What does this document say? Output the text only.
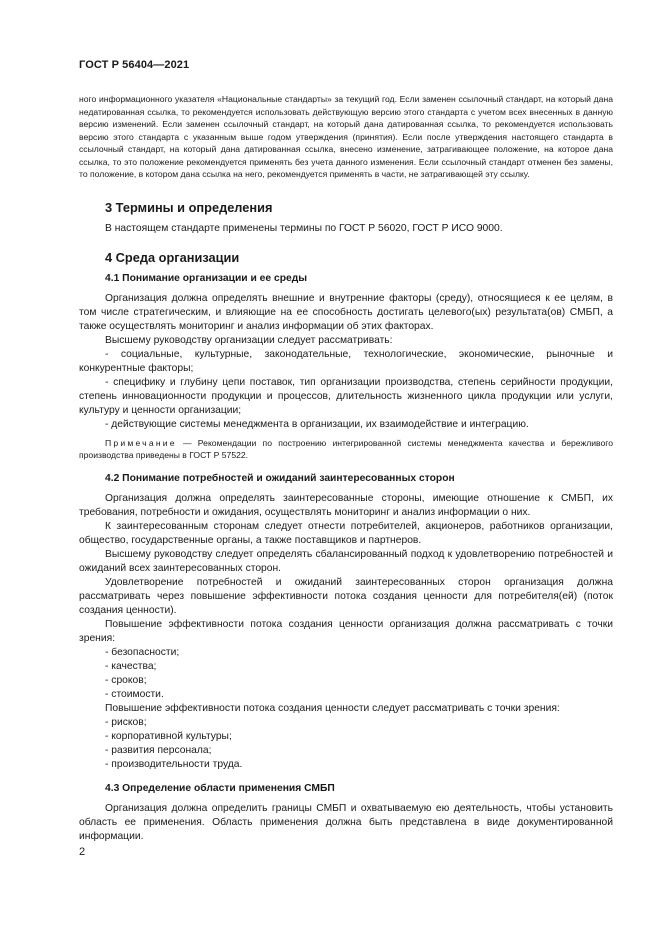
ГОСТ Р 56404—2021

ного информационного указателя «Национальные стандарты» за текущий год. Если заменен ссылочный стандарт, на который дана недатированная ссылка, то рекомендуется использовать действующую версию этого стандарта с учетом всех внесенных в данную версию изменений. Если заменен ссылочный стандарт, на который дана датированная ссылка, то рекомендуется использовать версию этого стандарта с указанным выше годом утверждения (принятия). Если после утверждения настоящего стандарта в ссылочный стандарт, на который дана датированная ссылка, внесено изменение, затрагивающее положение, на которое дана ссылка, то это положение рекомендуется применять без учета данного изменения. Если ссылочный стандарт отменен без замены, то положение, в котором дана ссылка на него, рекомендуется применять в части, не затрагивающей эту ссылку.

3 Термины и определения

В настоящем стандарте применены термины по ГОСТ Р 56020, ГОСТ Р ИСО 9000.

4 Среда организации
4.1 Понимание организации и ее среды

Организация должна определять внешние и внутренние факторы (среду), относящиеся к ее целям, в том числе стратегическим, и влияющие на ее способность достигать целевого(ых) результата(ов) СМБП, а также осуществлять мониторинг и анализ информации об этих факторах.

Высшему руководству организации следует рассматривать:

- социальные, культурные, законодательные, технологические, экономические, рыночные и конкурентные факторы;

- специфику и глубину цепи поставок, тип организации производства, степень серийности продукции, степень инновационности продукции и процессов, длительность жизненного цикла продукции или услуги, культуру и ценности организации;

- действующие системы менеджмента в организации, их взаимодействие и интеграцию.

Примечание — Рекомендации по построению интегрированной системы менеджмента качества и бережливого производства приведены в ГОСТ Р 57522.

4.2 Понимание потребностей и ожиданий заинтересованных сторон

Организация должна определять заинтересованные стороны, имеющие отношение к СМБП, их требования, потребности и ожидания, осуществлять мониторинг и анализ информации о них.

К заинтересованным сторонам следует отнести потребителей, акционеров, работников организации, общество, государственные органы, а также поставщиков и партнеров.

Высшему руководству следует определять сбалансированный подход к удовлетворению потребностей и ожиданий всех заинтересованных сторон.

Удовлетворение потребностей и ожиданий заинтересованных сторон организация должна рассматривать через повышение эффективности потока создания ценности для потребителя(ей) (поток создания ценности).

Повышение эффективности потока создания ценности организация должна рассматривать с точки зрения:

- безопасности;

- качества;

- сроков;

- стоимости.

Повышение эффективности потока создания ценности следует рассматривать с точки зрения:

- рисков;

- корпоративной культуры;

- развития персонала;

- производительности труда.

4.3 Определение области применения СМБП

Организация должна определить границы СМБП и охватываемую ею деятельность, чтобы установить область ее применения. Область применения должна быть представлена в виде документированной информации.

2
